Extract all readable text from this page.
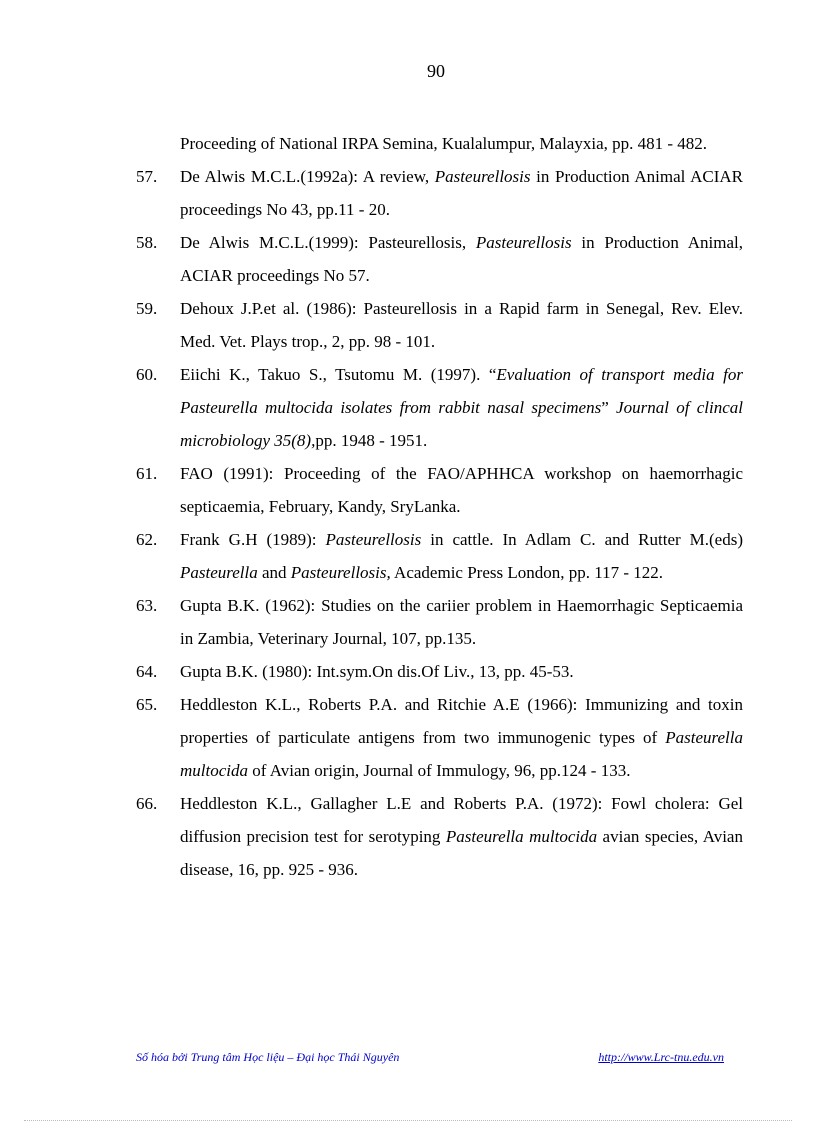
90
Proceeding of National IRPA Semina, Kualalumpur, Malayxia, pp. 481 - 482.
57. De Alwis M.C.L.(1992a): A review, Pasteurellosis in Production Animal ACIAR proceedings No 43, pp.11 - 20.
58. De Alwis M.C.L.(1999): Pasteurellosis, Pasteurellosis in Production Animal, ACIAR proceedings No 57.
59. Dehoux J.P.et al. (1986): Pasteurellosis in a Rapid farm in Senegal, Rev. Elev. Med. Vet. Plays trop., 2, pp. 98 - 101.
60. Eiichi K., Takuo S., Tsutomu M. (1997). “Evaluation of transport media for Pasteurella multocida isolates from rabbit nasal specimens” Journal of clincal microbiology 35(8),pp. 1948 - 1951.
61. FAO (1991): Proceeding of the FAO/APHHCA workshop on haemorrhagic septicaemia, February, Kandy, SryLanka.
62. Frank G.H (1989): Pasteurellosis in cattle. In Adlam C. and Rutter M.(eds) Pasteurella and Pasteurellosis, Academic Press London, pp. 117 - 122.
63. Gupta B.K. (1962): Studies on the cariier problem in Haemorrhagic Septicaemia in Zambia, Veterinary Journal, 107, pp.135.
64. Gupta B.K. (1980): Int.sym.On dis.Of Liv., 13, pp. 45-53.
65. Heddleston K.L., Roberts P.A. and Ritchie A.E (1966): Immunizing and toxin properties of particulate antigens from two immunogenic types of Pasteurella multocida of Avian origin, Journal of Immulogy, 96, pp.124 - 133.
66. Heddleston K.L., Gallagher L.E and Roberts P.A. (1972): Fowl cholera: Gel diffusion precision test for serotyping Pasteurella multocida avian species, Avian disease, 16, pp. 925 - 936.
Số hóa bởi Trung tâm Học liệu – Đại học Thái Nguyên	http://www.Lrc-tnu.edu.vn
